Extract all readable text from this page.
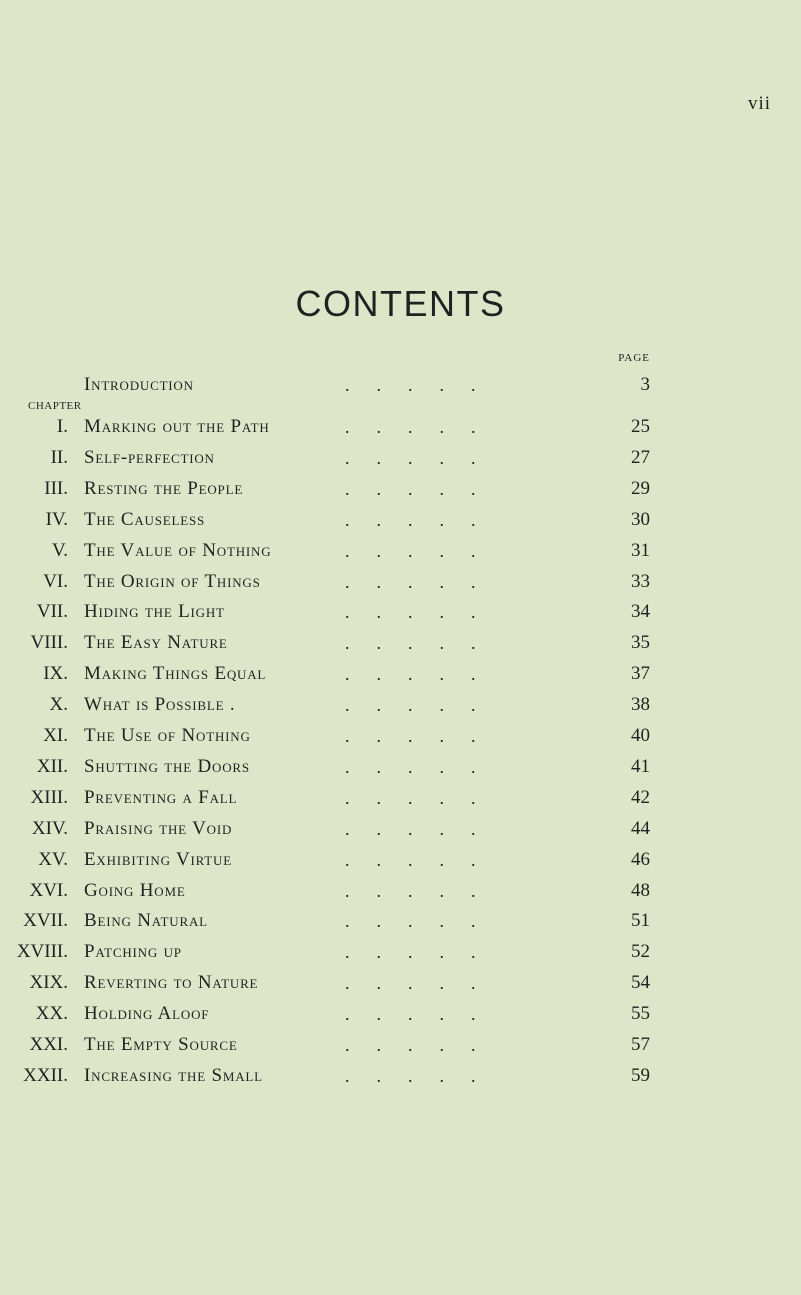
vii
CONTENTS
PAGE
Introduction	.....	3
CHAPTER
I. Marking out the Path	.....	25
II. Self-perfection	.....	27
III. Resting the People	.....	29
IV. The Causeless	.....	30
V. The Value of Nothing	.....	31
VI. The Origin of Things	.....	33
VII. Hiding the Light	.....	34
VIII. The Easy Nature	.....	35
IX. Making Things Equal	.....	37
X. What is Possible .	.....	38
XI. The Use of Nothing	.....	40
XII. Shutting the Doors	.....	41
XIII. Preventing a Fall	.....	42
XIV. Praising the Void	.....	44
XV. Exhibiting Virtue	.....	46
XVI. Going Home	.....	48
XVII. Being Natural	.....	51
XVIII. Patching up	.....	52
XIX. Reverting to Nature	.....	54
XX. Holding Aloof	.....	55
XXI. The Empty Source	.....	57
XXII. Increasing the Small	.....	59
